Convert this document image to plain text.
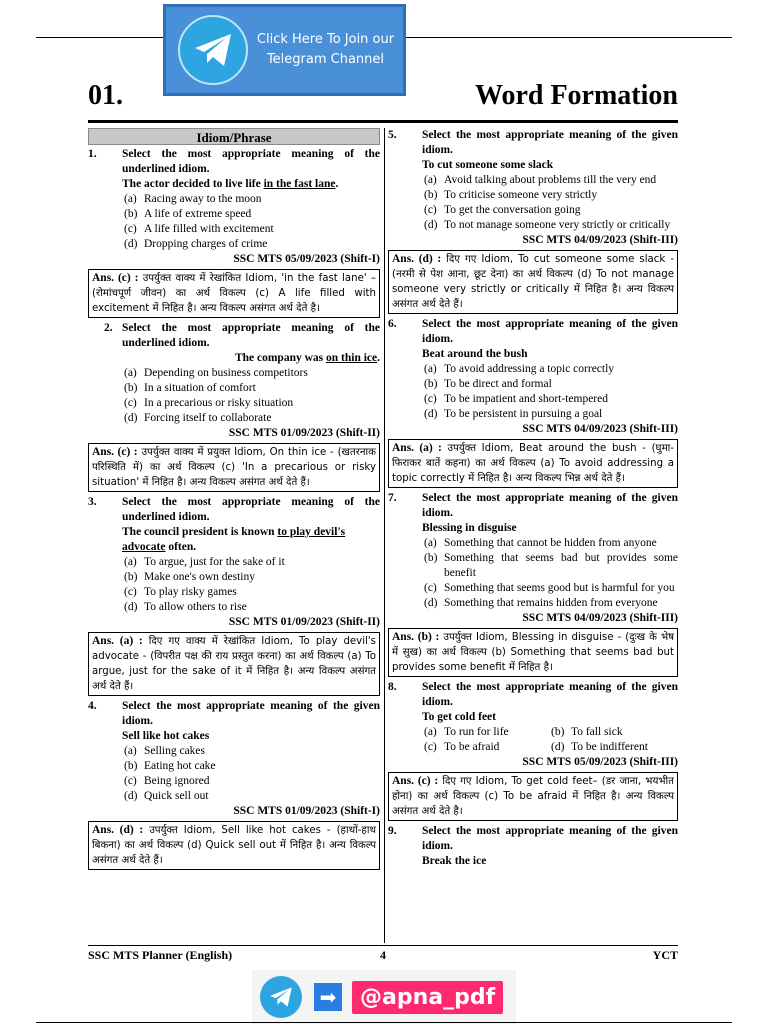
Click Here To Join our
Telegram Channel
01.	Word Formation
Idiom/Phrase
1.	Select the most appropriate meaning of the underlined idiom.
The actor decided to live life in the fast lane.
(a) Racing away to the moon
(b) A life of extreme speed
(c) A life filled with excitement
(d) Dropping charges of crime
SSC MTS 05/09/2023 (Shift-I)
Ans. (c) : उपर्युक्त वाक्य में रेखांकित Idiom, 'in the fast lane' – (रोमांचपूर्ण जीवन) का अर्थ विकल्प (c) A life filled with excitement में निहित है। अन्य विकल्प असंगत अर्थ देते है।
2. Select the most appropriate meaning of the underlined idiom.
The company was on thin ice.
(a) Depending on business competitors
(b) In a situation of comfort
(c) In a precarious or risky situation
(d) Forcing itself to collaborate
SSC MTS 01/09/2023 (Shift-II)
Ans. (c) : उपर्युक्त वाक्य में प्रयुक्त Idiom, On thin ice - (खतरनाक परिस्थिति में) का अर्थ विकल्प (c) 'In a precarious or risky situation' में निहित है। अन्य विकल्प असंगत अर्थ देते हैं।
3.	Select the most appropriate meaning of the underlined idiom.
The council president is known to play devil's advocate often.
(a) To argue, just for the sake of it
(b) Make one's own destiny
(c) To play risky games
(d) To allow others to rise
SSC MTS 01/09/2023 (Shift-II)
Ans. (a) : दिए गए वाक्य में रेखांकित Idiom, To play devil's advocate - (विपरीत पक्ष की राय प्रस्तुत करना) का अर्थ विकल्प (a) To argue, just for the sake of it में निहित है। अन्य विकल्प असंगत अर्थ देते हैं।
4.	Select the most appropriate meaning of the given idiom.
Sell like hot cakes
(a) Selling cakes
(b) Eating hot cake
(c) Being ignored
(d) Quick sell out
SSC MTS 01/09/2023 (Shift-I)
Ans. (d) : उपर्युक्त Idiom, Sell like hot cakes - (हाथों-हाथ बिकना) का अर्थ विकल्प (d) Quick sell out में निहित है। अन्य विकल्प असंगत अर्थ देते हैं।
5.	Select the most appropriate meaning of the given idiom.
To cut someone some slack
(a) Avoid talking about problems till the very end
(b) To criticise someone very strictly
(c) To get the conversation going
(d) To not manage someone very strictly or critically
SSC MTS 04/09/2023 (Shift-III)
Ans. (d) : दिए गए Idiom, To cut someone some slack - (नरमी से पेश आना, छूट देना) का अर्थ विकल्प (d) To not manage someone very strictly or critically में निहित है। अन्य विकल्प असंगत अर्थ देते हैं।
6.	Select the most appropriate meaning of the given idiom.
Beat around the bush
(a) To avoid addressing a topic correctly
(b) To be direct and formal
(c) To be impatient and short-tempered
(d) To be persistent in pursuing a goal
SSC MTS 04/09/2023 (Shift-III)
Ans. (a) : उपर्युक्त Idiom, Beat around the bush - (घुमा-फिराकर बातें कहना) का अर्थ विकल्प (a) To avoid addressing a topic correctly में निहित है। अन्य विकल्प भिन्न अर्थ देते हैं।
7.	Select the most appropriate meaning of the given idiom.
Blessing in disguise
(a) Something that cannot be hidden from anyone
(b) Something that seems bad but provides some benefit
(c) Something that seems good but is harmful for you
(d) Something that remains hidden from everyone
SSC MTS 04/09/2023 (Shift-III)
Ans. (b) : उपर्युक्त Idiom, Blessing in disguise - (दुःख के भेष में सुख) का अर्थ विकल्प (b) Something that seems bad but provides some benefit में निहित है।
8.	Select the most appropriate meaning of the given idiom.
To get cold feet
(a) To run for life	(b) To fall sick
(c) To be afraid	(d) To be indifferent
SSC MTS 05/09/2023 (Shift-III)
Ans. (c) : दिए गए Idiom, To get cold feet– (डर जाना, भयभीत होना) का अर्थ विकल्प (c) To be afraid में निहित है। अन्य विकल्प असंगत अर्थ देते है।
9.	Select the most appropriate meaning of the given idiom.
Break the ice
SSC MTS Planner (English)	4	YCT
➡	@apna_pdf
